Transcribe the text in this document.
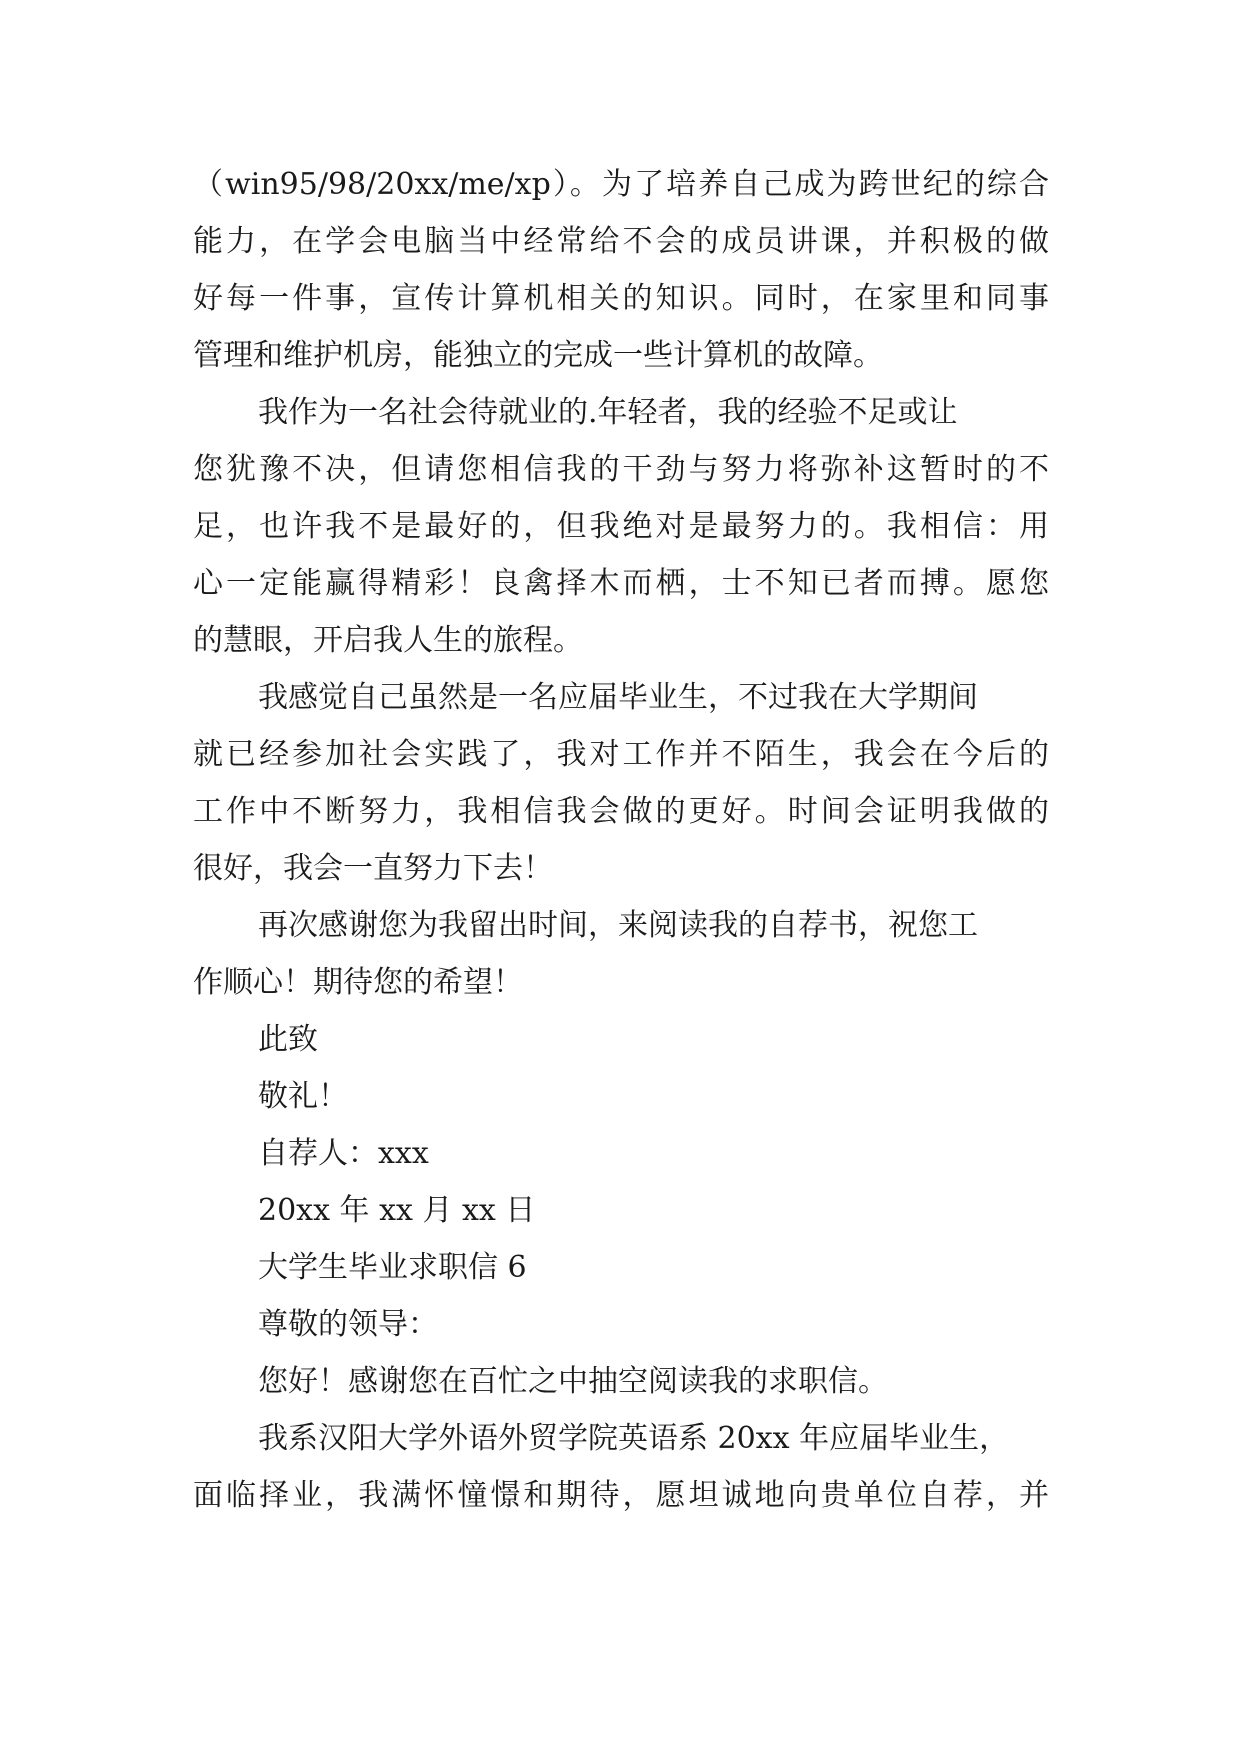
（win95/98/20xx/me/xp）。为了培养自己成为跨世纪的综合
能力，在学会电脑当中经常给不会的成员讲课，并积极的做
好每一件事，宣传计算机相关的知识。同时，在家里和同事
管理和维护机房，能独立的完成一些计算机的故障。
我作为一名社会待就业的.年轻者，我的经验不足或让
您犹豫不决，但请您相信我的干劲与努力将弥补这暂时的不
足，也许我不是最好的，但我绝对是最努力的。我相信：用
心一定能赢得精彩！良禽择木而栖，士不知已者而搏。愿您
的慧眼，开启我人生的旅程。
我感觉自己虽然是一名应届毕业生，不过我在大学期间
就已经参加社会实践了，我对工作并不陌生，我会在今后的
工作中不断努力，我相信我会做的更好。时间会证明我做的
很好，我会一直努力下去！
再次感谢您为我留出时间，来阅读我的自荐书，祝您工
作顺心！期待您的希望！
此致
敬礼！
自荐人：xxx
20xx 年 xx 月 xx 日
大学生毕业求职信 6
尊敬的领导：
您好！感谢您在百忙之中抽空阅读我的求职信。
我系汉阳大学外语外贸学院英语系 20xx 年应届毕业生，
面临择业，我满怀憧憬和期待，愿坦诚地向贵单位自荐，并
